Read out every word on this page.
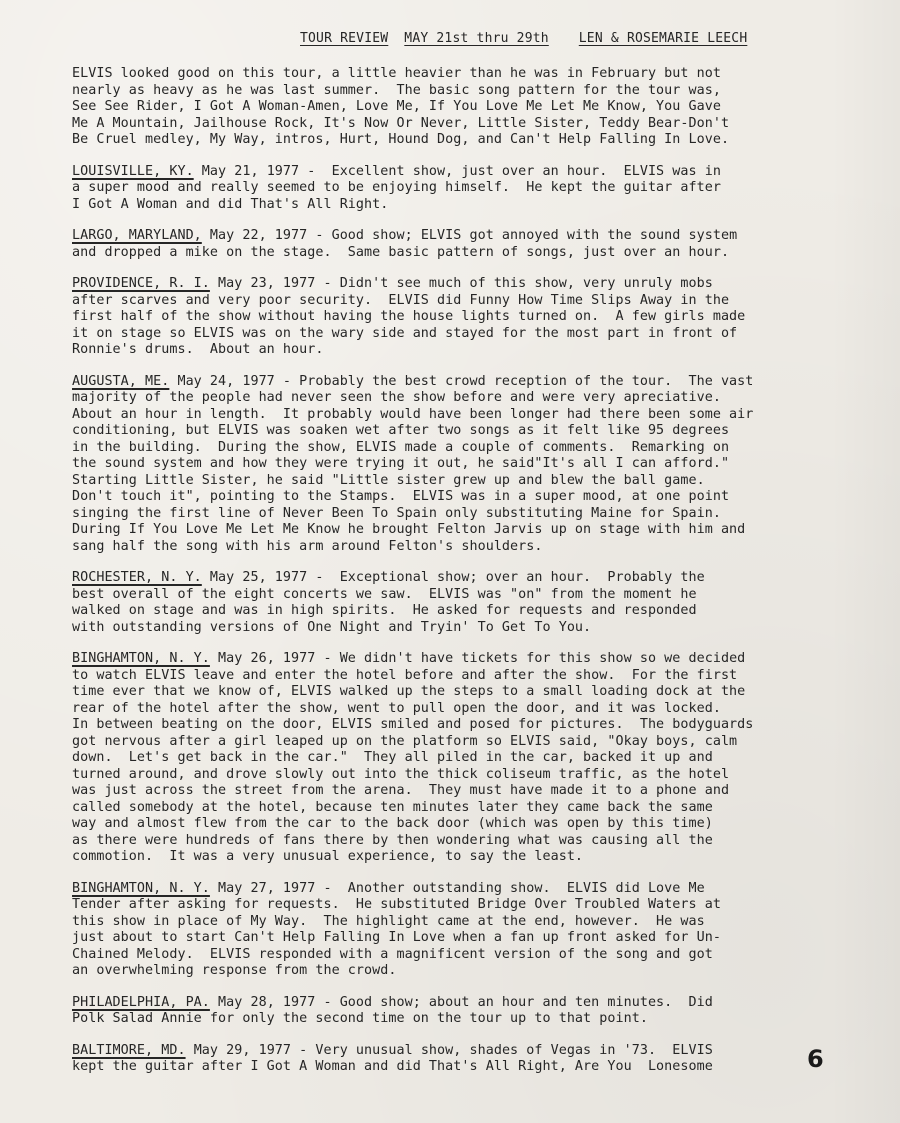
TOUR REVIEW MAY 21st thru 29th LEN & ROSEMARIE LEECH
ELVIS looked good on this tour, a little heavier than he was in February but not
nearly as heavy as he was last summer.  The basic song pattern for the tour was,
See See Rider, I Got A Woman-Amen, Love Me, If You Love Me Let Me Know, You Gave
Me A Mountain, Jailhouse Rock, It's Now Or Never, Little Sister, Teddy Bear-Don't
Be Cruel medley, My Way, intros, Hurt, Hound Dog, and Can't Help Falling In Love.
LOUISVILLE, KY. May 21, 1977 -  Excellent show, just over an hour.  ELVIS was in
a super mood and really seemed to be enjoying himself.  He kept the guitar after
I Got A Woman and did That's All Right.
LARGO, MARYLAND, May 22, 1977 - Good show; ELVIS got annoyed with the sound system
and dropped a mike on the stage.  Same basic pattern of songs, just over an hour.
PROVIDENCE, R. I. May 23, 1977 - Didn't see much of this show, very unruly mobs
after scarves and very poor security.  ELVIS did Funny How Time Slips Away in the
first half of the show without having the house lights turned on.  A few girls made
it on stage so ELVIS was on the wary side and stayed for the most part in front of
Ronnie's drums.  About an hour.
AUGUSTA, ME. May 24, 1977 - Probably the best crowd reception of the tour.  The vast
majority of the people had never seen the show before and were very apreciative.
About an hour in length.  It probably would have been longer had there been some air
conditioning, but ELVIS was soaken wet after two songs as it felt like 95 degrees
in the building.  During the show, ELVIS made a couple of comments.  Remarking on
the sound system and how they were trying it out, he said"It's all I can afford."
Starting Little Sister, he said "Little sister grew up and blew the ball game.
Don't touch it", pointing to the Stamps.  ELVIS was in a super mood, at one point
singing the first line of Never Been To Spain only substituting Maine for Spain.
During If You Love Me Let Me Know he brought Felton Jarvis up on stage with him and
sang half the song with his arm around Felton's shoulders.
ROCHESTER, N. Y. May 25, 1977 -  Exceptional show; over an hour.  Probably the
best overall of the eight concerts we saw.  ELVIS was "on" from the moment he
walked on stage and was in high spirits.  He asked for requests and responded
with outstanding versions of One Night and Tryin' To Get To You.
BINGHAMTON, N. Y. May 26, 1977 - We didn't have tickets for this show so we decided
to watch ELVIS leave and enter the hotel before and after the show.  For the first
time ever that we know of, ELVIS walked up the steps to a small loading dock at the
rear of the hotel after the show, went to pull open the door, and it was locked.
In between beating on the door, ELVIS smiled and posed for pictures.  The bodyguards
got nervous after a girl leaped up on the platform so ELVIS said, "Okay boys, calm
down.  Let's get back in the car."  They all piled in the car, backed it up and
turned around, and drove slowly out into the thick coliseum traffic, as the hotel
was just across the street from the arena.  They must have made it to a phone and
called somebody at the hotel, because ten minutes later they came back the same
way and almost flew from the car to the back door (which was open by this time)
as there were hundreds of fans there by then wondering what was causing all the
commotion.  It was a very unusual experience, to say the least.
BINGHAMTON, N. Y. May 27, 1977 -  Another outstanding show.  ELVIS did Love Me
Tender after asking for requests.  He substituted Bridge Over Troubled Waters at
this show in place of My Way.  The highlight came at the end, however.  He was
just about to start Can't Help Falling In Love when a fan up front asked for Un-
Chained Melody.  ELVIS responded with a magnificent version of the song and got
an overwhelming response from the crowd.
PHILADELPHIA, PA. May 28, 1977 - Good show; about an hour and ten minutes.  Did
Polk Salad Annie for only the second time on the tour up to that point.
BALTIMORE, MD. May 29, 1977 - Very unusual show, shades of Vegas in '73.  ELVIS
kept the guitar after I Got A Woman and did That's All Right, Are You  Lonesome	6
